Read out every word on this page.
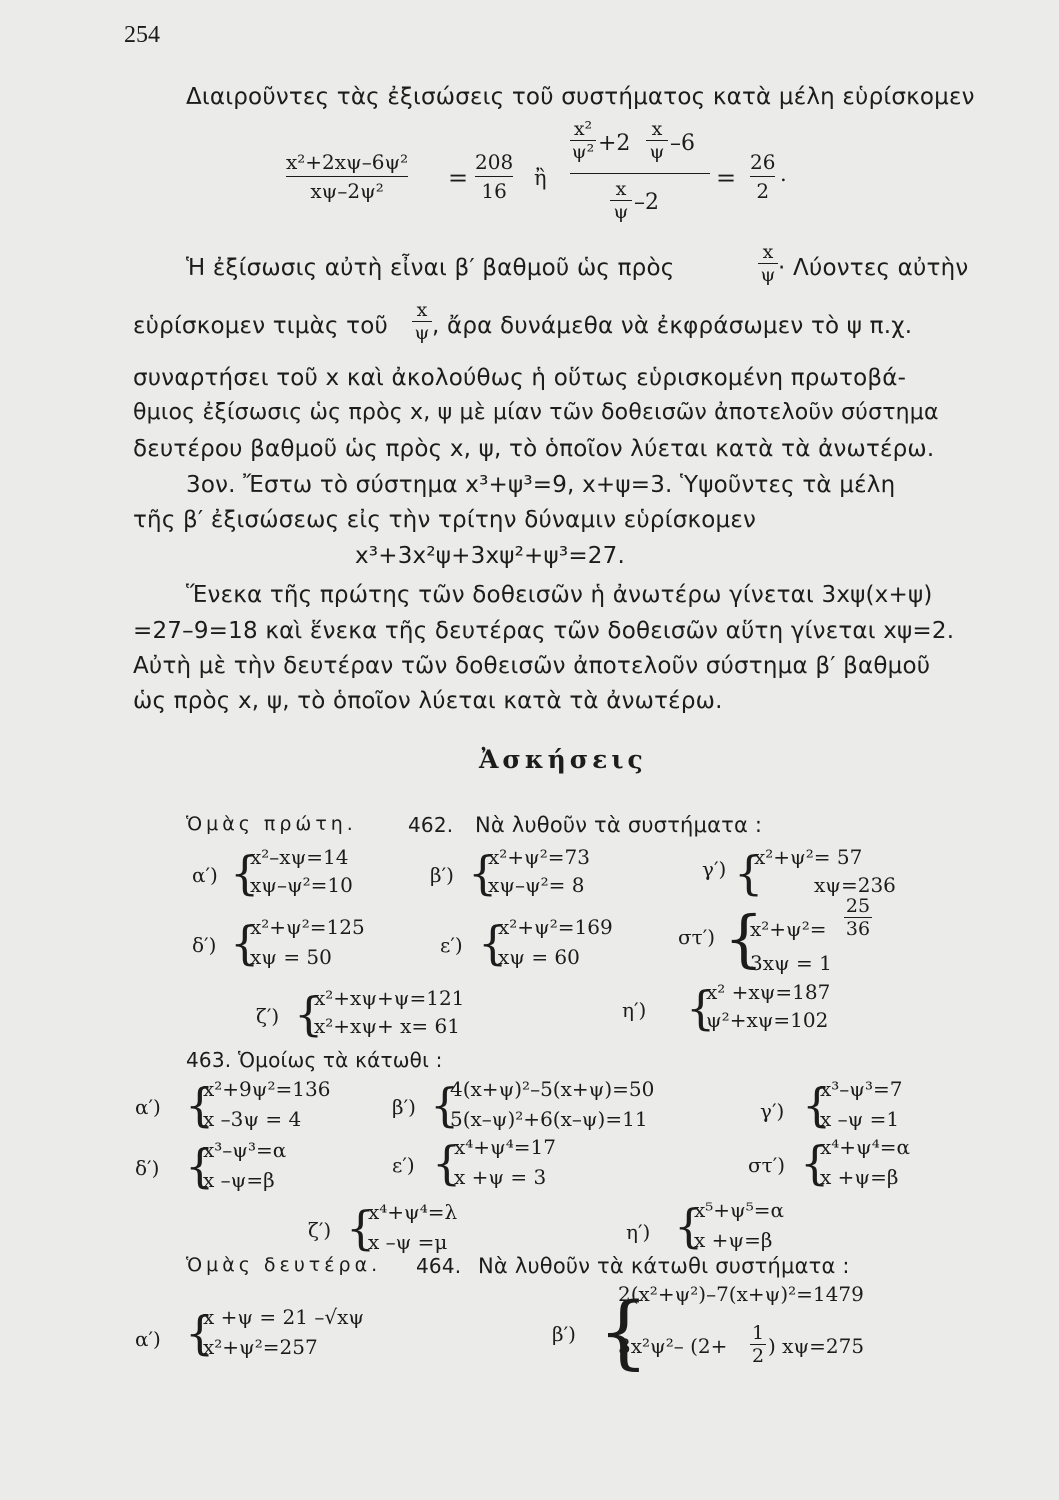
254
Διαιροῦντες τὰς ἐξισώσεις τοῦ συστήματος κατὰ μέλη εὑρίσκομεν
x²+2xψ–6ψ²
xψ–2ψ²	=
208
16
ἢ
x²
ψ² +2
x
ψ –6
x
ψ –2
=
26
2
.
Ἡ ἐξίσωσις αὐτὴ εἶναι β′ βαθμοῦ ὡς πρὸς
x
ψ · Λύοντες αὐτὴν
εὑρίσκομεν τιμὰς τοῦ
x
ψ , ἄρα δυνάμεθα νὰ ἐκφράσωμεν τὸ ψ π.χ.
συναρτήσει τοῦ x καὶ ἀκολούθως ἡ οὕτως εὑρισκομένη πρωτοβά-
θμιος ἐξίσωσις ὡς πρὸς x, ψ μὲ μίαν τῶν δοθεισῶν ἀποτελοῦν σύστημα
δευτέρου βαθμοῦ ὡς πρὸς x, ψ, τὸ ὁποῖον λύεται κατὰ τὰ ἀνωτέρω.
3ον. Ἔστω τὸ σύστημα x³+ψ³=9, x+ψ=3. Ὑψοῦντες τὰ μέλη
τῆς β′ ἐξισώσεως εἰς τὴν τρίτην δύναμιν εὑρίσκομεν
x³+3x²ψ+3xψ²+ψ³=27.
Ἕνεκα τῆς πρώτης τῶν δοθεισῶν ἡ ἀνωτέρω γίνεται 3xψ(x+ψ)
=27–9=18 καὶ ἕνεκα τῆς δευτέρας τῶν δοθεισῶν αὕτη γίνεται xψ=2.
Αὐτὴ μὲ τὴν δευτέραν τῶν δοθεισῶν ἀποτελοῦν σύστημα β′ βαθμοῦ
ὡς πρὸς x, ψ, τὸ ὁποῖον λύεται κατὰ τὰ ἀνωτέρω.
Ἀσκήσεις
Ὁμὰς πρώτη.	462. Νὰ λυθοῦν τὰ συστήματα :
α′) {
x²–xψ=14
xψ–ψ²=10	β′) {
x²+ψ²=73
xψ–ψ²= 8
γ′) {
x²+ψ²= 57
xψ=236
δ′) {
x²+ψ²=125
xψ = 50	ε′) {
x²+ψ²=169
xψ = 60
στ′) {
x²+ψ²=
25
36
3xψ = 1
ζ′) {
x²+xψ+ψ=121
x²+xψ+ x= 61
η′) {
x² +xψ=187
ψ²+xψ=102
463. Ὁμοίως τὰ κάτωθι :
α′) {
x²+9ψ²=136
x –3ψ = 4	β′) {
4(x+ψ)²–5(x+ψ)=50
5(x–ψ)²+6(x–ψ)=11	γ′) {
x³–ψ³=7
x –ψ =1
δ′) {
x³–ψ³=α
x –ψ=β
ε′) {
x⁴+ψ⁴=17
x +ψ = 3	στ′) {
x⁴+ψ⁴=α
x +ψ=β
ζ′) {
x⁴+ψ⁴=λ
x –ψ =μ	η′) {
x⁵+ψ⁵=α
x +ψ=β
Ὁμὰς δευτέρα. 464. Νὰ λυθοῦν τὰ κάτωθι συστήματα :
α′) {
x +ψ = 21 –√xψ
x²+ψ²=257
β′) {
2(x²+ψ²)–7(x+ψ)²=1479
3x²ψ²– (2+
1
2 ) xψ=275
